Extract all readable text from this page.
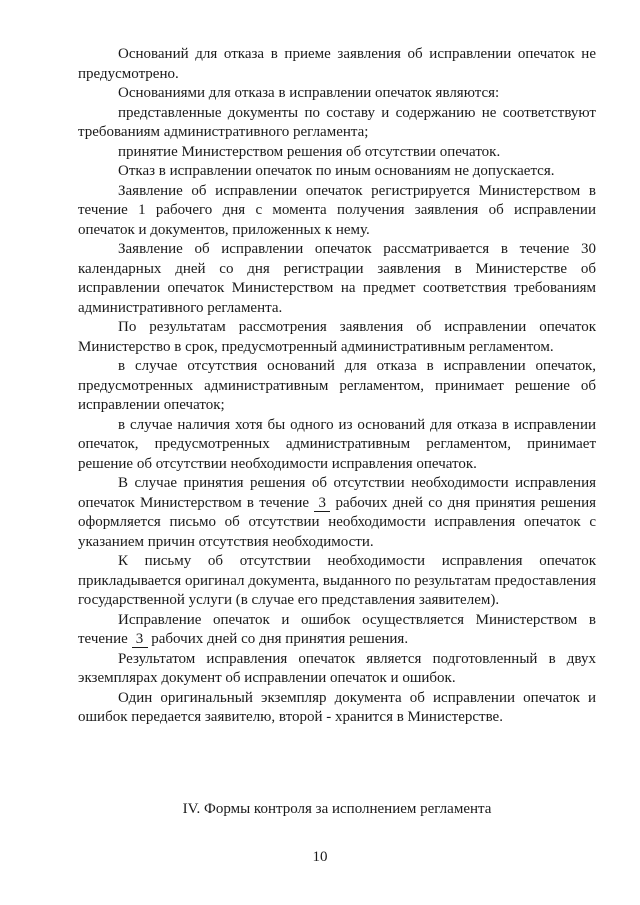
Оснований для отказа в приеме заявления об исправлении опечаток не предусмотрено.

Основаниями для отказа в исправлении опечаток являются:

представленные документы по составу и содержанию не соответствуют требованиям административного регламента;

принятие Министерством решения об отсутствии опечаток.

Отказ в исправлении опечаток по иным основаниям не допускается.

Заявление об исправлении опечаток регистрируется Министерством в течение 1 рабочего дня с момента получения заявления об исправлении опечаток и документов, приложенных к нему.

Заявление об исправлении опечаток рассматривается в течение 30 календарных дней со дня регистрации заявления в Министерстве об исправлении опечаток Министерством на предмет соответствия требованиям административного регламента.

По результатам рассмотрения заявления об исправлении опечаток Министерство в срок, предусмотренный административным регламентом.

в случае отсутствия оснований для отказа в исправлении опечаток, предусмотренных административным регламентом, принимает решение об исправлении опечаток;

в случае наличия хотя бы одного из оснований для отказа в исправлении опечаток, предусмотренных административным регламентом, принимает решение об отсутствии необходимости исправления опечаток.

В случае принятия решения об отсутствии необходимости исправления опечаток Министерством в течение 3 рабочих дней со дня принятия решения оформляется письмо об отсутствии необходимости исправления опечаток с указанием причин отсутствия необходимости.

К письму об отсутствии необходимости исправления опечаток прикладывается оригинал документа, выданного по результатам предоставления государственной услуги (в случае его представления заявителем).

Исправление опечаток и ошибок осуществляется Министерством в течение 3 рабочих дней со дня принятия решения.

Результатом исправления опечаток является подготовленный в двух экземплярах документ об исправлении опечаток и ошибок.

Один оригинальный экземпляр документа об исправлении опечаток и ошибок передается заявителю, второй - хранится в Министерстве.

IV. Формы контроля за исполнением регламента

10
